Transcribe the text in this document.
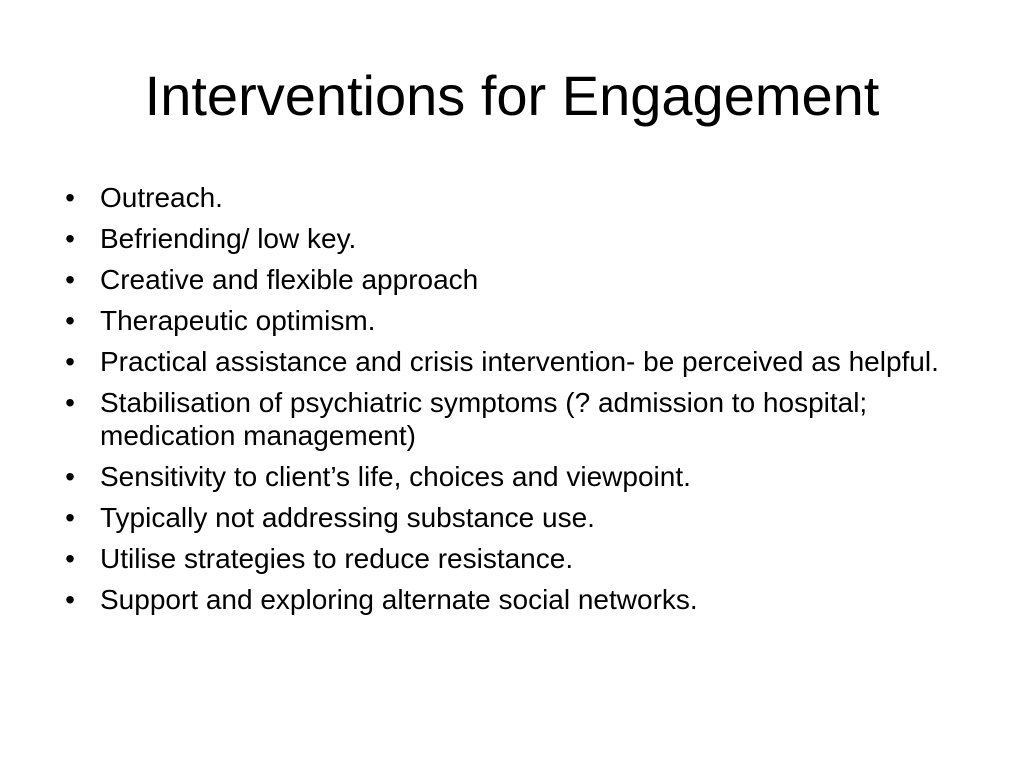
Interventions for Engagement
• Outreach.
• Befriending/ low key.
• Creative and flexible approach
• Therapeutic optimism.
• Practical assistance and crisis intervention- be perceived as helpful.
• Stabilisation of psychiatric symptoms (? admission to hospital; medication management)
• Sensitivity to client’s life, choices and viewpoint.
• Typically not addressing substance use.
• Utilise strategies to reduce resistance.
• Support and exploring alternate social networks.
